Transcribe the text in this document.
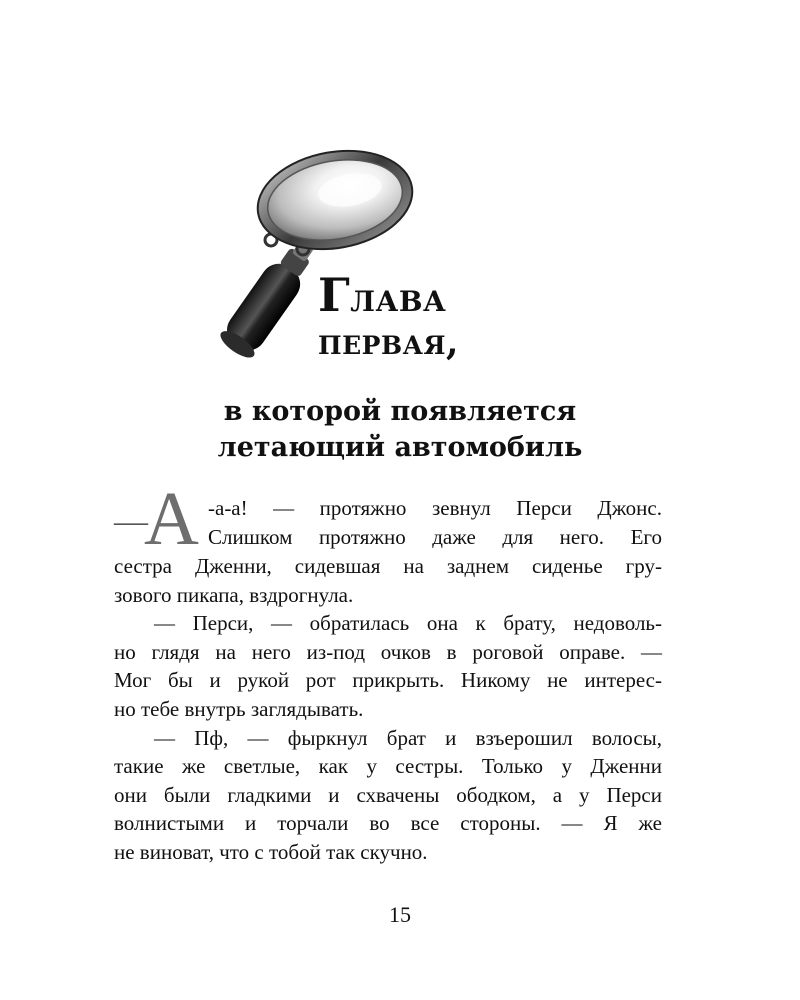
Глава
первая,
в которой появляется
летающий автомобиль
—
А -а-а! — протяжно зевнул Перси Джонс.
Слишком протяжно даже для него. Его
сестра Дженни, сидевшая на заднем сиденье гру-
зового пикапа, вздрогнула.
— Перси, — обратилась она к брату, недоволь-
но глядя на него из-под очков в роговой оправе. —
Мог бы и рукой рот прикрыть. Никому не интерес-
но тебе внутрь заглядывать.
— Пф, — фыркнул брат и взъерошил волосы,
такие же светлые, как у сестры. Только у Дженни
они были гладкими и схвачены ободком, а у Перси
волнистыми и торчали во все стороны. — Я же
не виноват, что с тобой так скучно.
15
